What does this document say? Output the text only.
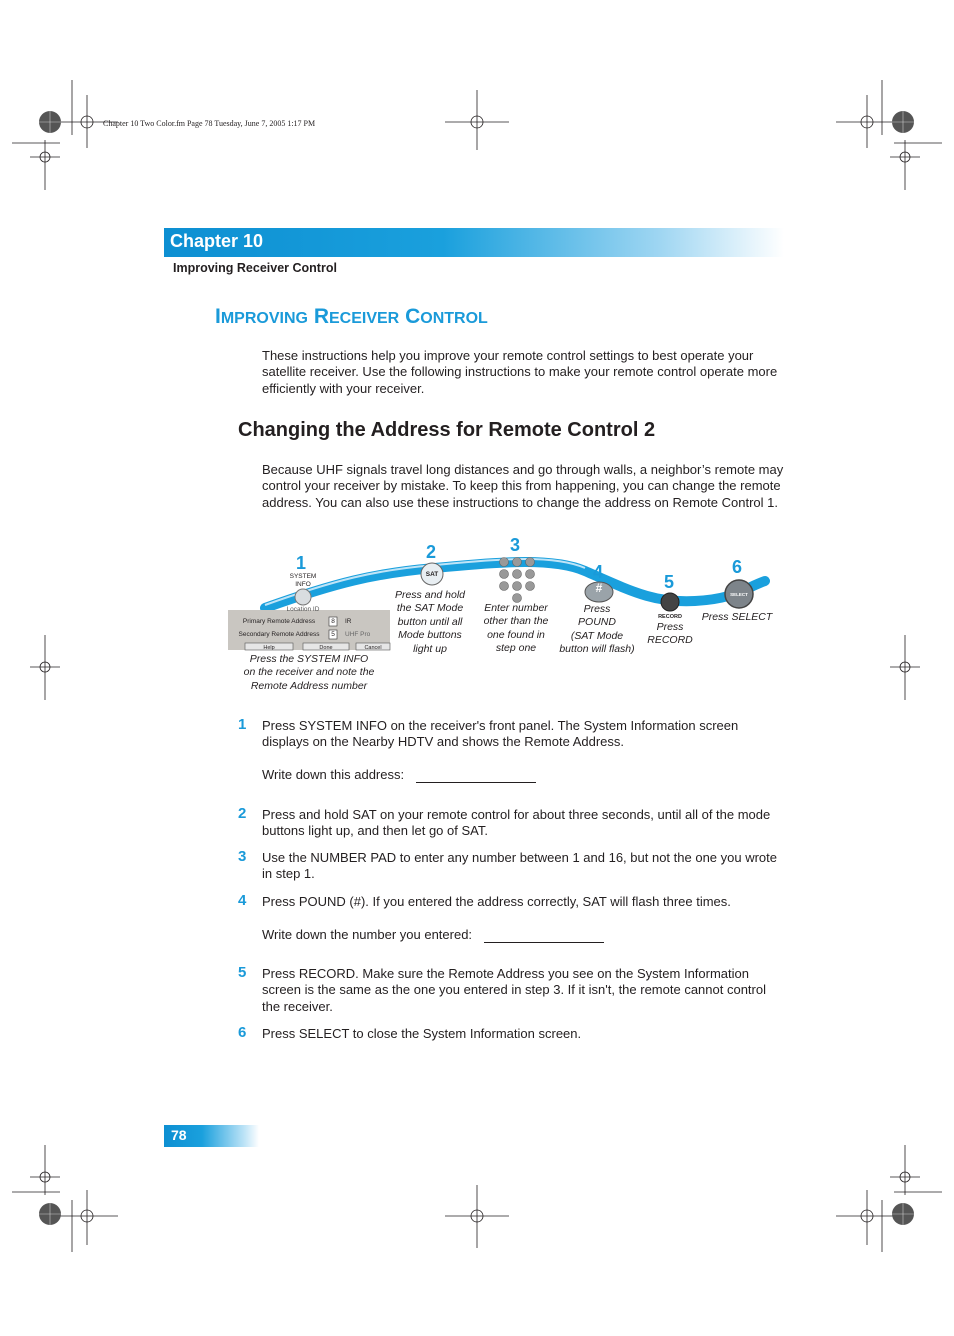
Chapter 10 Two Color.fm Page 78 Tuesday, June 7, 2005 1:17 PM
Chapter 10
Improving Receiver Control
IMPROVING RECEIVER CONTROL
These instructions help you improve your remote control settings to best operate your satellite receiver. Use the following instructions to make your remote control operate more efficiently with your receiver.
Changing the Address for Remote Control 2
Because UHF signals travel long distances and go through walls, a neighbor’s remote may control your receiver by mistake. To keep this from happening, you can change the remote address. You can also use these instructions to change the address on Remote Control 1.
1
2	3
4	5
6
SYSTEM
INFO
SAT
#
RECORD
SELECT
Location ID
Primary Remote Address
Secondary Remote Address
8
5
IR
UHF Pro
Help	Done	Cancel
Press the SYSTEM INFO
on the receiver and note the
Remote Address number
Press and hold
the SAT Mode
button until all
Mode buttons
light up
Enter number
other than the
one found in
step one
Press
POUND
(SAT Mode
button will flash)
Press
RECORD
Press SELECT
1 Press SYSTEM INFO on the receiver's front panel. The System Information screen displays on the Nearby HDTV and shows the Remote Address.
Write down this address:
2 Press and hold SAT on your remote control for about three seconds, until all of the mode buttons light up, and then let go of SAT.
3 Use the NUMBER PAD to enter any number between 1 and 16, but not the one you wrote in step 1.
4 Press POUND (#). If you entered the address correctly, SAT will flash three times.
Write down the number you entered:
5 Press RECORD. Make sure the Remote Address you see on the System Information screen is the same as the one you entered in step 3. If it isn't, the remote cannot control the receiver.
6 Press SELECT to close the System Information screen.
78
